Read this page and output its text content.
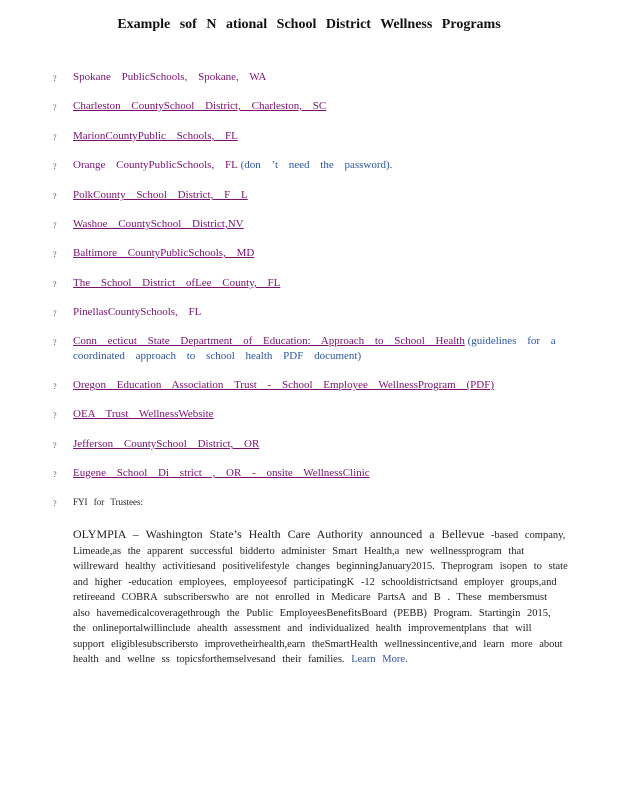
Example sof N ational School District Wellness Programs
? Spokane PublicSchools, Spokane, WA
? Charleston CountySchool District, Charleston, SC
? MarionCountyPublic Schools, FL
? Orange CountyPublicSchools, FL (don ’t need the password).
? PolkCounty School District, F L
? Washoe CountySchool District,NV
? Baltimore CountyPublicSchools, MD
? The School District ofLee County, FL
? PinellasCountySchools, FL
? Conn ecticut State Department of Education: Approach to School Health (guidelines for a coordinated approach to school health PDF document)
? Oregon Education Association Trust - School Employee WellnessProgram (PDF)
? OEA Trust WellnessWebsite
? Jefferson CountySchool District, OR
? Eugene School Di strict , OR - onsite WellnessClinic
? FYI for Trustees:
OLYMPIA – Washington State’s Health Care Authority announced a Bellevue -based company, Limeade,as the apparent successful bidderto administer Smart Health,a new wellnessprogram that willreward healthy activitiesand positivelifestyle changes beginningJanuary2015. Theprogram isopen to state and higher -education employees, employeesof participatingK -12 schooldistrictsand employer groups,and retireeand COBRA subscriberswho are not enrolled in Medicare PartsA and B . These membersmust also havemedicalcoveragethrough the Public EmployeesBenefitsBoard (PEBB) Program. Startingin 2015, the onlineportalwillinclude ahealth assessment and individualized health improvementplans that will support eligiblesubscribersto improvetheirhealth,earn theSmartHealth wellnessincentive,and learn more about health and wellne ss topicsforthemselvesand their families. Learn More.
